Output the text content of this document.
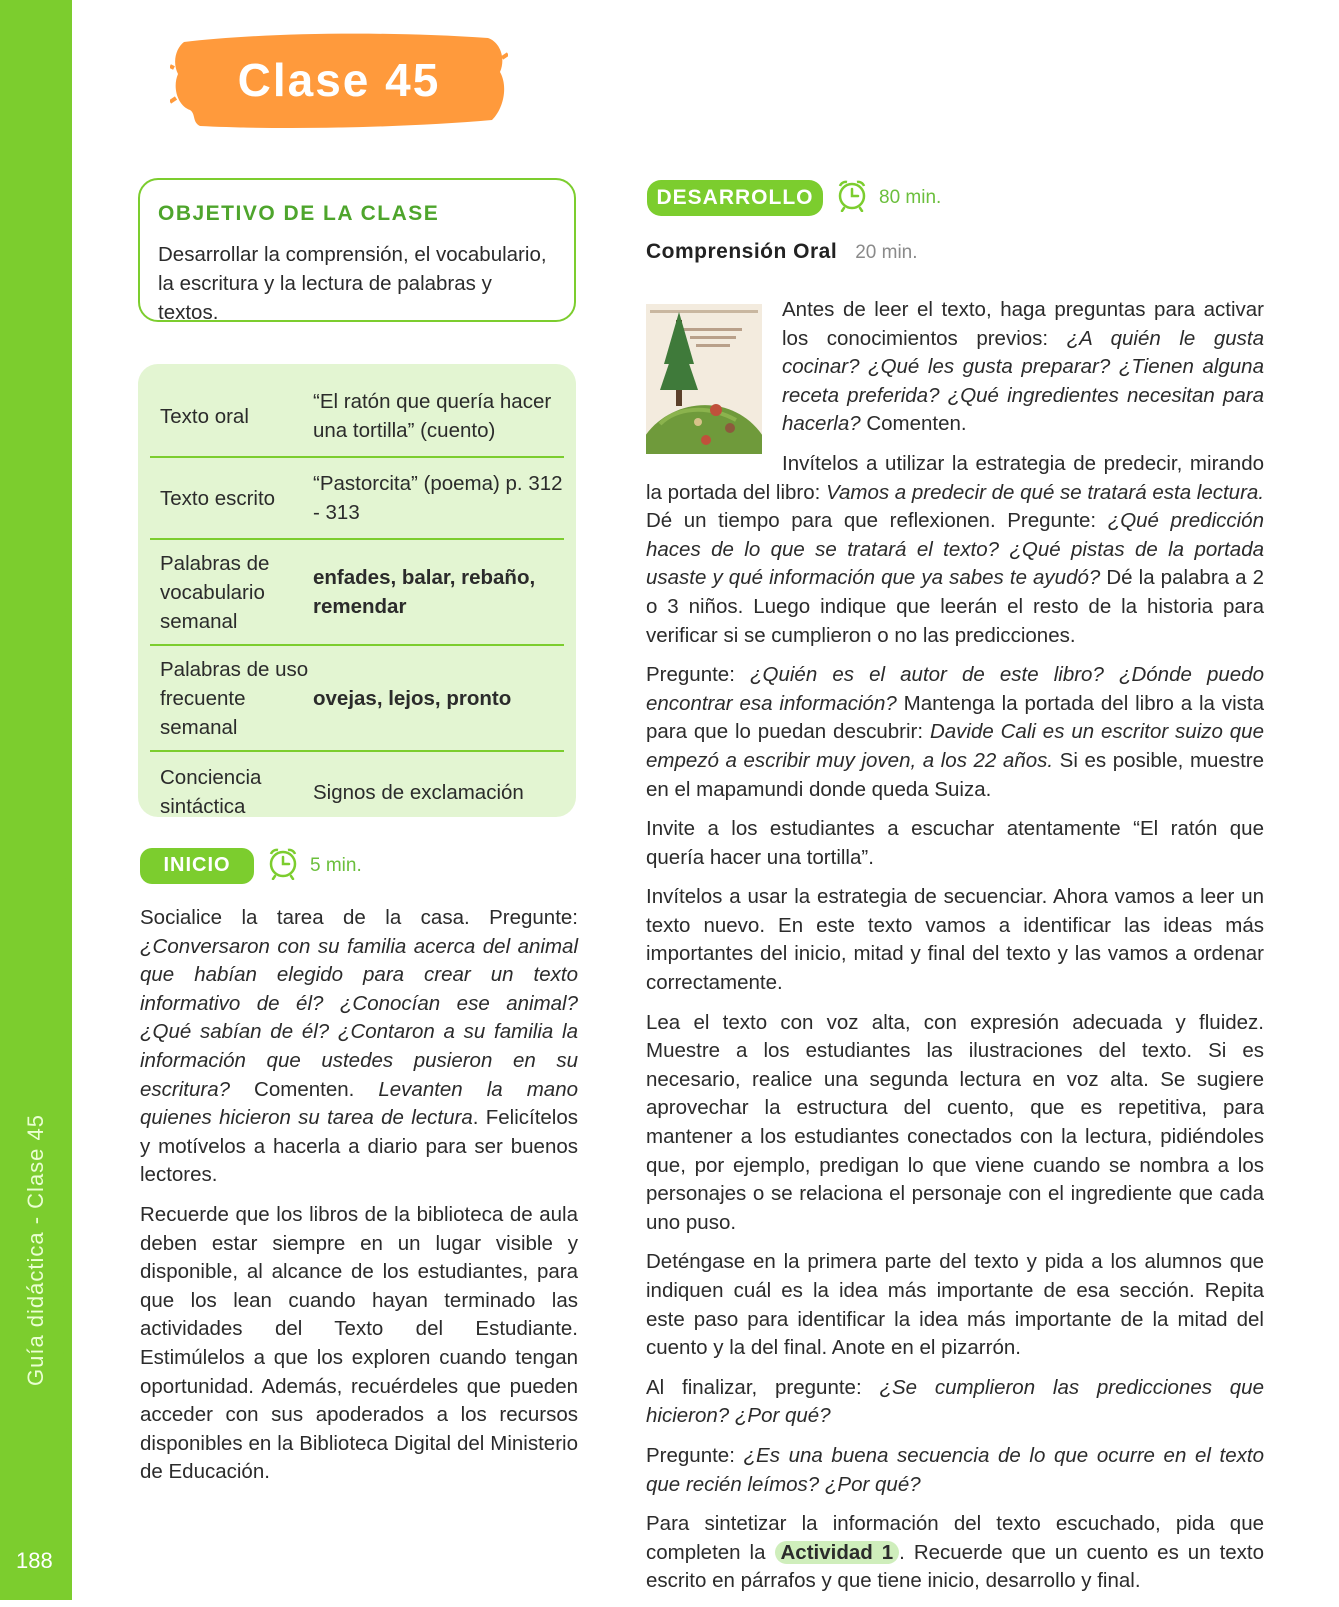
Guía didáctica - Clase 45
188
Clase 45
OBJETIVO DE LA CLASE

Desarrollar la comprensión, el vocabulario, la escritura y la lectura de palabras y textos.

Texto oral
“El ratón que quería hacer una tortilla” (cuento)
Texto escrito
“Pastorcita” (poema) p. 312 - 313
Palabras de vocabulario semanal
enfades, balar, rebaño, remendar
Palabras de uso frecuente semanal
ovejas, lejos, pronto
Conciencia sintáctica
Signos de exclamación
INICIO	5 min.

Socialice la tarea de la casa. Pregunte: ¿Conversaron con su familia acerca del animal que habían elegido para crear un texto informativo de él? ¿Conocían ese animal? ¿Qué sabían de él? ¿Contaron a su familia la información que ustedes pusieron en su escritura? Comenten. Levanten la mano quienes hicieron su tarea de lectura. Felicítelos y motívelos a hacerla a diario para ser buenos lectores.

Recuerde que los libros de la biblioteca de aula deben estar siempre en un lugar visible y disponible, al alcance de los estudiantes, para que los lean cuando hayan terminado las actividades del Texto del Estudiante. Estimúlelos a que los exploren cuando tengan oportunidad. Además, recuérdeles que pueden acceder con sus apoderados a los recursos disponibles en la Biblioteca Digital del Ministerio de Educación.

DESARROLLO	80 min.
Comprensión Oral 20 min.

Antes de leer el texto, haga preguntas para activar los conocimientos previos: ¿A quién le gusta cocinar? ¿Qué les gusta preparar? ¿Tienen alguna receta preferida? ¿Qué ingredientes necesitan para hacerla? Comenten.

Invítelos a utilizar la estrategia de predecir, mirando la portada del libro: Vamos a predecir de qué se tratará esta lectura. Dé un tiempo para que reflexionen. Pregunte: ¿Qué predicción haces de lo que se tratará el texto? ¿Qué pistas de la portada usaste y qué información que ya sabes te ayudó? Dé la palabra a 2 o 3 niños. Luego indique que leerán el resto de la historia para verificar si se cumplieron o no las predicciones.

Pregunte: ¿Quién es el autor de este libro? ¿Dónde puedo encontrar esa información? Mantenga la portada del libro a la vista para que lo puedan descubrir: Davide Cali es un escritor suizo que empezó a escribir muy joven, a los 22 años. Si es posible, muestre en el mapamundi donde queda Suiza.

Invite a los estudiantes a escuchar atentamente “El ratón que quería hacer una tortilla”.

Invítelos a usar la estrategia de secuenciar. Ahora vamos a leer un texto nuevo. En este texto vamos a identificar las ideas más importantes del inicio, mitad y final del texto y las vamos a ordenar correctamente.

Lea el texto con voz alta, con expresión adecuada y fluidez. Muestre a los estudiantes las ilustraciones del texto. Si es necesario, realice una segunda lectura en voz alta. Se sugiere aprovechar la estructura del cuento, que es repetitiva, para mantener a los estudiantes conectados con la lectura, pidiéndoles que, por ejemplo, predigan lo que viene cuando se nombra a los personajes o se relaciona el personaje con el ingrediente que cada uno puso.

Deténgase en la primera parte del texto y pida a los alumnos que indiquen cuál es la idea más importante de esa sección. Repita este paso para identificar la idea más importante de la mitad del cuento y la del final. Anote en el pizarrón.

Al finalizar, pregunte: ¿Se cumplieron las predicciones que hicieron? ¿Por qué?

Pregunte: ¿Es una buena secuencia de lo que ocurre en el texto que recién leímos? ¿Por qué?

Para sintetizar la información del texto escuchado, pida que completen la Actividad 1 . Recuerde que un cuento es un texto escrito en párrafos y que tiene inicio, desarrollo y final.
